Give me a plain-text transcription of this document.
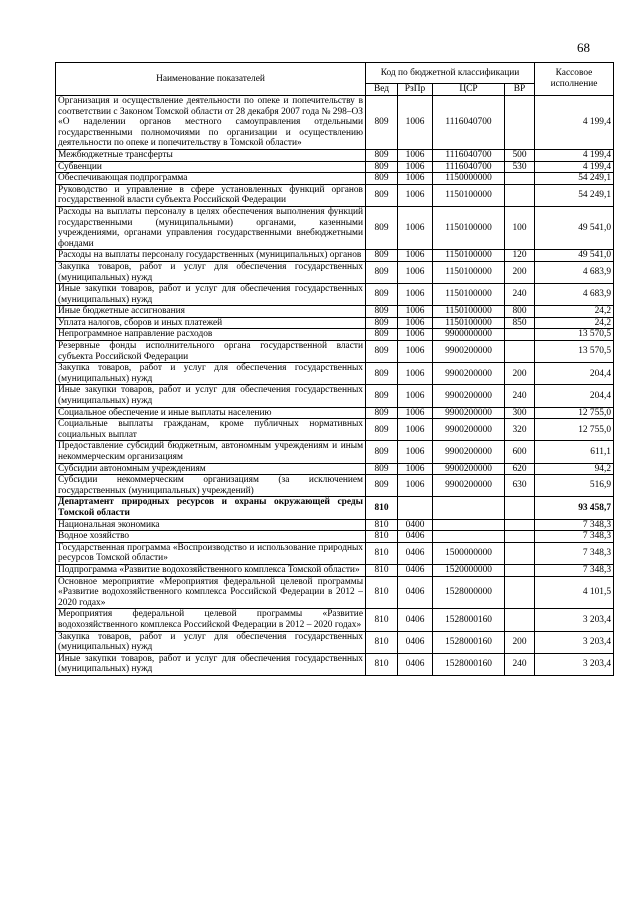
68
Наименование показателей	Код по бюджетной классификации				Кассовое исполнение
	Вед	РзПр	ЦСР	ВР	
Организация и осуществление деятельности по опеке и попечительству в соответствии с Законом Томской области от 28 декабря 2007 года № 298–ОЗ «О наделении органов местного самоуправления отдельными государственными полномочиями по организации и осуществлению деятельности по опеке и попечительству в Томской области»	809	1006	1116040700		4 199,4
Межбюджетные трансферты	809	1006	1116040700	500	4 199,4
Субвенции	809	1006	1116040700	530	4 199,4
Обеспечивающая подпрограмма	809	1006	1150000000		54 249,1
Руководство и управление в сфере установленных функций органов государственной власти субъекта Российской Федерации	809	1006	1150100000		54 249,1
Расходы на выплаты персоналу в целях обеспечения выполнения функций государственными (муниципальными) органами, казенными учреждениями, органами управления государственными внебюджетными фондами	809	1006	1150100000	100	49 541,0
Расходы на выплаты персоналу государственных (муниципальных) органов	809	1006	1150100000	120	49 541,0
Закупка товаров, работ и услуг для обеспечения государственных (муниципальных) нужд	809	1006	1150100000	200	4 683,9
Иные закупки товаров, работ и услуг для обеспечения государственных (муниципальных) нужд	809	1006	1150100000	240	4 683,9
Иные бюджетные ассигнования	809	1006	1150100000	800	24,2
Уплата налогов, сборов и иных платежей	809	1006	1150100000	850	24,2
Непрограммное направление расходов	809	1006	9900000000		13 570,5
Резервные фонды исполнительного органа государственной власти субъекта Российской Федерации	809	1006	9900200000		13 570,5
Закупка товаров, работ и услуг для обеспечения государственных (муниципальных) нужд	809	1006	9900200000	200	204,4
Иные закупки товаров, работ и услуг для обеспечения государственных (муниципальных) нужд	809	1006	9900200000	240	204,4
Социальное обеспечение и иные выплаты населению	809	1006	9900200000	300	12 755,0
Социальные выплаты гражданам, кроме публичных нормативных социальных выплат	809	1006	9900200000	320	12 755,0
Предоставление субсидий бюджетным, автономным учреждениям и иным некоммерческим организациям	809	1006	9900200000	600	611,1
Субсидии автономным учреждениям	809	1006	9900200000	620	94,2
Субсидии некоммерческим организациям (за исключением государственных (муниципальных) учреждений)	809	1006	9900200000	630	516,9
Департамент природных ресурсов и охраны окружающей среды Томской области	810				93 458,7
Национальная экономика	810	0400			7 348,3
Водное хозяйство	810	0406			7 348,3
Государственная программа «Воспроизводство и использование природных ресурсов Томской области»	810	0406	1500000000		7 348,3
Подпрограмма «Развитие водохозяйственного комплекса Томской области»	810	0406	1520000000		7 348,3
Основное мероприятие «Мероприятия федеральной целевой программы «Развитие водохозяйственного комплекса Российской Федерации в 2012 – 2020 годах»	810	0406	1528000000		4 101,5
Мероприятия федеральной целевой программы «Развитие водохозяйственного комплекса Российской Федерации в 2012 – 2020 годах»	810	0406	1528000160		3 203,4
Закупка товаров, работ и услуг для обеспечения государственных (муниципальных) нужд	810	0406	1528000160	200	3 203,4
Иные закупки товаров, работ и услуг для обеспечения государственных (муниципальных) нужд	810	0406	1528000160	240	3 203,4
